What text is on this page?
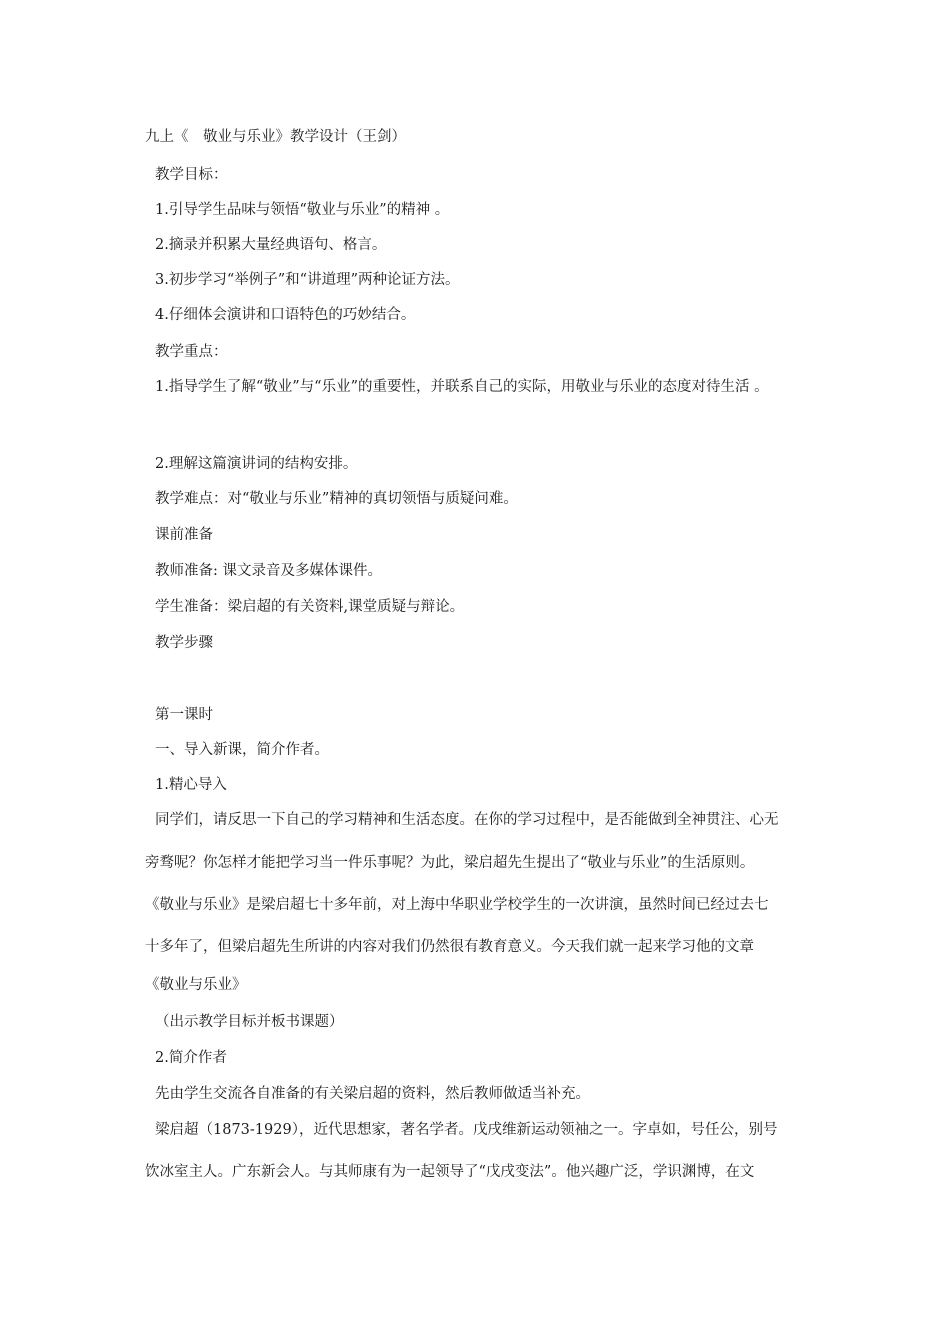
九上《　敬业与乐业》教学设计（王剑）
教学目标：
1.引导学生品味与领悟“敬业与乐业”的精神 。
2.摘录并积累大量经典语句、格言。
3.初步学习“举例子”和“讲道理”两种论证方法。
4.仔细体会演讲和口语特色的巧妙结合。
教学重点：
1.指导学生了解“敬业”与“乐业”的重要性，并联系自己的实际，用敬业与乐业的态度对待生活 。
2.理解这篇演讲词的结构安排。
教学难点：对“敬业与乐业”精神的真切领悟与质疑问难。
课前准备
教师准备: 课文录音及多媒体课件。
学生准备：梁启超的有关资料,课堂质疑与辩论。
教学步骤
第一课时
一、导入新课，简介作者。
1.精心导入
同学们，请反思一下自己的学习精神和生活态度。在你的学习过程中，是否能做到全神贯注、心无
旁骛呢？你怎样才能把学习当一件乐事呢？为此，梁启超先生提出了“敬业与乐业”的生活原则。
《敬业与乐业》是梁启超七十多年前，对上海中华职业学校学生的一次讲演，虽然时间已经过去七
十多年了，但梁启超先生所讲的内容对我们仍然很有教育意义。今天我们就一起来学习他的文章
《敬业与乐业》
（出示教学目标并板书课题）
2.简介作者
先由学生交流各自准备的有关梁启超的资料，然后教师做适当补充。
梁启超（1873-1929），近代思想家，著名学者。戊戌维新运动领袖之一。字卓如，号任公，别号
饮冰室主人。广东新会人。与其师康有为一起领导了“戊戌变法”。他兴趣广泛，学识渊博，在文
